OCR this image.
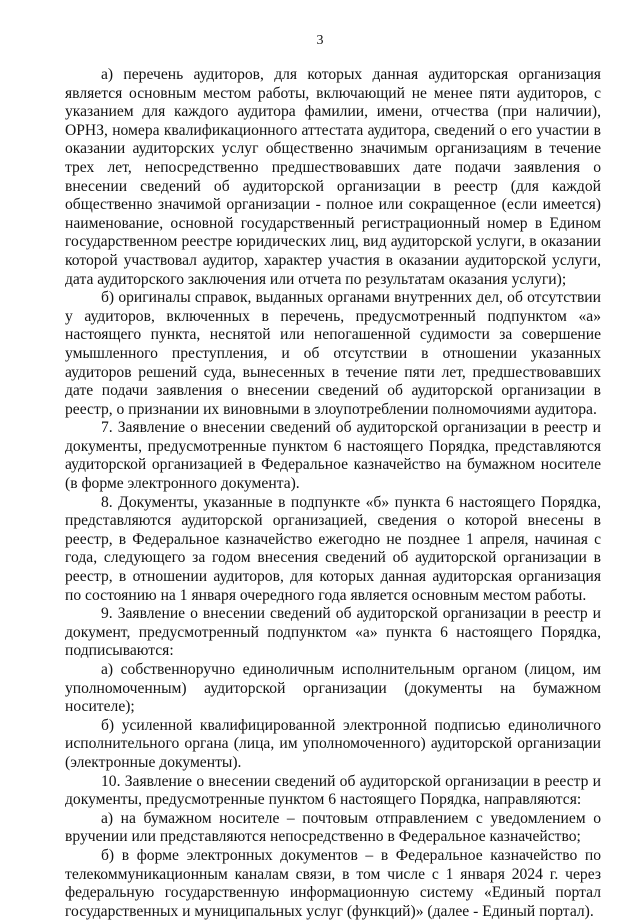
3

а) перечень аудиторов, для которых данная аудиторская организация является основным местом работы, включающий не менее пяти аудиторов, с указанием для каждого аудитора фамилии, имени, отчества (при наличии), ОРНЗ, номера квалификационного аттестата аудитора, сведений о его участии в оказании аудиторских услуг общественно значимым организациям в течение трех лет, непосредственно предшествовавших дате подачи заявления о внесении сведений об аудиторской организации в реестр (для каждой общественно значимой организации - полное или сокращенное (если имеется) наименование, основной государственный регистрационный номер в Едином государственном реестре юридических лиц, вид аудиторской услуги, в оказании которой участвовал аудитор, характер участия в оказании аудиторской услуги, дата аудиторского заключения или отчета по результатам оказания услуги);

б) оригиналы справок, выданных органами внутренних дел, об отсутствии у аудиторов, включенных в перечень, предусмотренный подпунктом «а» настоящего пункта, неснятой или непогашенной судимости за совершение умышленного преступления, и об отсутствии в отношении указанных аудиторов решений суда, вынесенных в течение пяти лет, предшествовавших дате подачи заявления о внесении сведений об аудиторской организации в реестр, о признании их виновными в злоупотреблении полномочиями аудитора.

7. Заявление о внесении сведений об аудиторской организации в реестр и документы, предусмотренные пунктом 6 настоящего Порядка, представляются аудиторской организацией в Федеральное казначейство на бумажном носителе (в форме электронного документа).

8. Документы, указанные в подпункте «б» пункта 6 настоящего Порядка, представляются аудиторской организацией, сведения о которой внесены в реестр, в Федеральное казначейство ежегодно не позднее 1 апреля, начиная с года, следующего за годом внесения сведений об аудиторской организации в реестр, в отношении аудиторов, для которых данная аудиторская организация по состоянию на 1 января очередного года является основным местом работы.

9. Заявление о внесении сведений об аудиторской организации в реестр и документ, предусмотренный подпунктом «а» пункта 6 настоящего Порядка, подписываются:

а) собственноручно единоличным исполнительным органом (лицом, им уполномоченным) аудиторской организации (документы на бумажном носителе);

б) усиленной квалифицированной электронной подписью единоличного исполнительного органа (лица, им уполномоченного) аудиторской организации (электронные документы).

10. Заявление о внесении сведений об аудиторской организации в реестр и документы, предусмотренные пунктом 6 настоящего Порядка, направляются:

а) на бумажном носителе – почтовым отправлением с уведомлением о вручении или представляются непосредственно в Федеральное казначейство;

б) в форме электронных документов – в Федеральное казначейство по телекоммуникационным каналам связи, в том числе с 1 января 2024 г. через федеральную государственную информационную систему «Единый портал государственных и муниципальных услуг (функций)» (далее - Единый портал).
